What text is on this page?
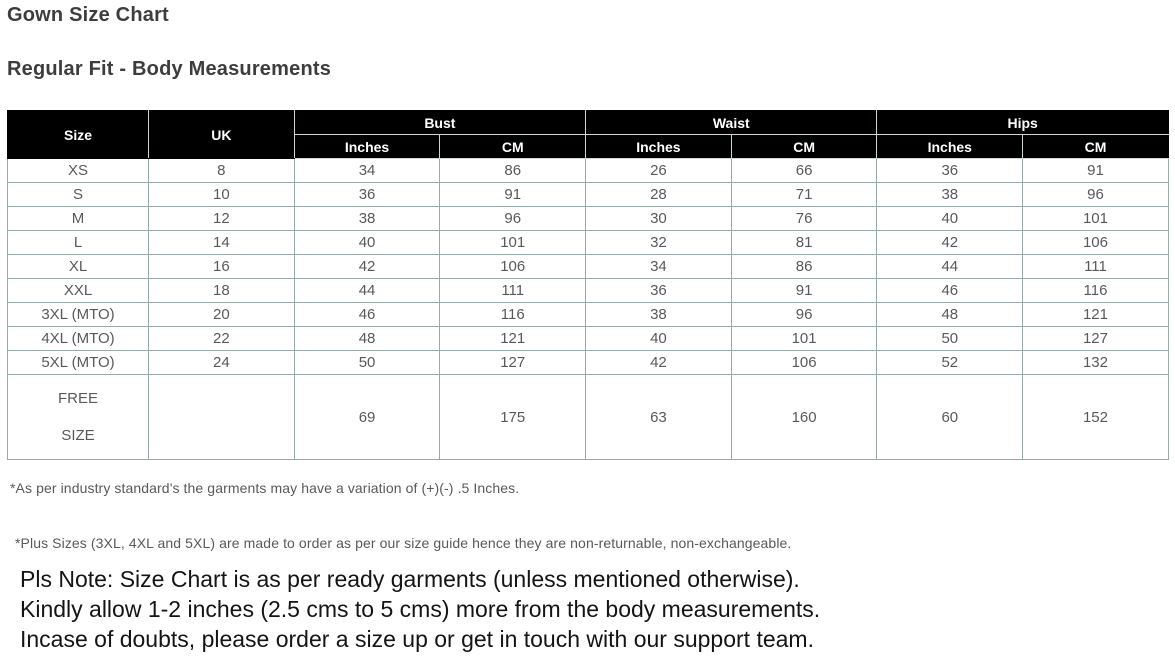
Gown Size Chart
Regular Fit - Body Measurements
Size	UK	Bust		Waist		Hips	
		Inches	CM	Inches	CM	Inches	CM
XS	8	34	86	26	66	36	91
S	10	36	91	28	71	38	96
M	12	38	96	30	76	40	101
L	14	40	101	32	81	42	106
XL	16	42	106	34	86	44	111
XXL	18	44	111	36	91	46	116
3XL (MTO)	20	46	116	38	96	48	121
4XL (MTO)	22	48	121	40	101	50	127
5XL (MTO)	24	50	127	42	106	52	132

FREE
SIZE		69	175	63	160	60	152
*As per industry standard's the garments may have a variation of (+)(-) .5 Inches.
*Plus Sizes (3XL, 4XL and 5XL) are made to order as per our size guide hence they are non-returnable, non-exchangeable.
Pls Note: Size Chart is as per ready garments (unless mentioned otherwise).
Kindly allow 1-2 inches (2.5 cms to 5 cms) more from the body measurements.
Incase of doubts, please order a size up or get in touch with our support team.
